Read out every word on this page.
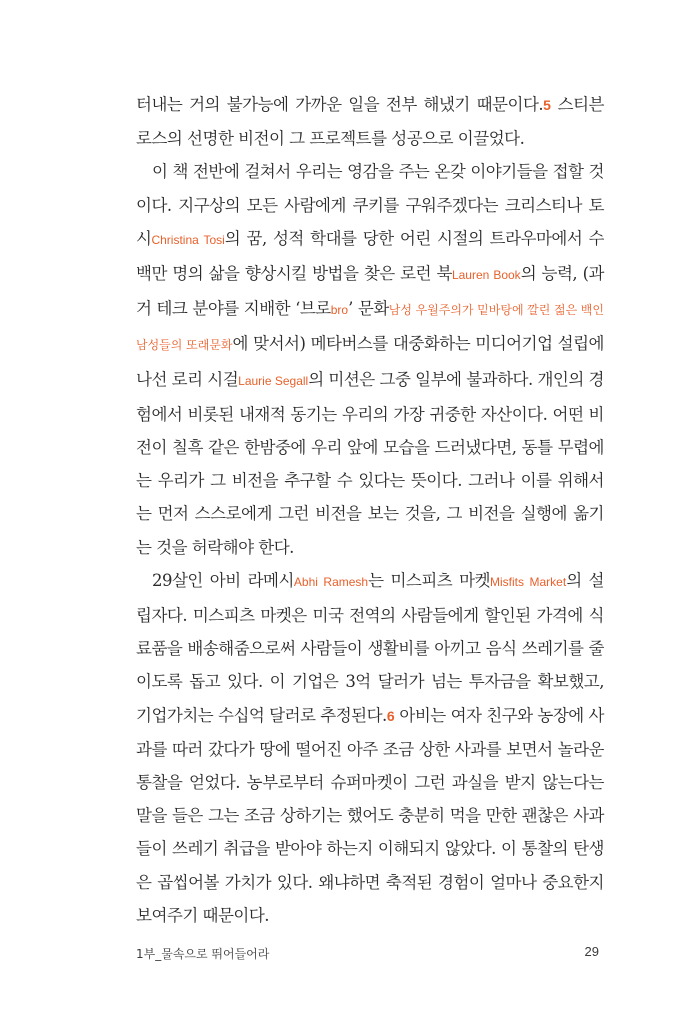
터내는 거의 불가능에 가까운 일을 전부 해냈기 때문이다.5 스티븐 로스의 선명한 비전이 그 프로젝트를 성공으로 이끌었다.

이 책 전반에 걸쳐서 우리는 영감을 주는 온갖 이야기들을 접할 것이다. 지구상의 모든 사람에게 쿠키를 구워주겠다는 크리스티나 토시Christina Tosi의 꿈, 성적 학대를 당한 어린 시절의 트라우마에서 수백만 명의 삶을 향상시킬 방법을 찾은 로런 북Lauren Book의 능력, (과거 테크 분야를 지배한 ‘브로bro’ 문화남성 우월주의가 밑바탕에 깔린 젊은 백인 남성들의 또래문화에 맞서서) 메타버스를 대중화하는 미디어기업 설립에 나선 로리 시걸Laurie Segall의 미션은 그중 일부에 불과하다. 개인의 경험에서 비롯된 내재적 동기는 우리의 가장 귀중한 자산이다. 어떤 비전이 칠흑 같은 한밤중에 우리 앞에 모습을 드러냈다면, 동틀 무렵에는 우리가 그 비전을 추구할 수 있다는 뜻이다. 그러나 이를 위해서는 먼저 스스로에게 그런 비전을 보는 것을, 그 비전을 실행에 옮기는 것을 허락해야 한다.

29살인 아비 라메시Abhi Ramesh는 미스피츠 마켓Misfits Market의 설립자다. 미스피츠 마켓은 미국 전역의 사람들에게 할인된 가격에 식료품을 배송해줌으로써 사람들이 생활비를 아끼고 음식 쓰레기를 줄이도록 돕고 있다. 이 기업은 3억 달러가 넘는 투자금을 확보했고, 기업가치는 수십억 달러로 추정된다.6 아비는 여자 친구와 농장에 사과를 따러 갔다가 땅에 떨어진 아주 조금 상한 사과를 보면서 놀라운 통찰을 얻었다. 농부로부터 슈퍼마켓이 그런 과실을 받지 않는다는 말을 들은 그는 조금 상하기는 했어도 충분히 먹을 만한 괜찮은 사과들이 쓰레기 취급을 받아야 하는지 이해되지 않았다. 이 통찰의 탄생은 곱씹어볼 가치가 있다. 왜냐하면 축적된 경험이 얼마나 중요한지 보여주기 때문이다.

1부_물속으로 뛰어들어라	29
